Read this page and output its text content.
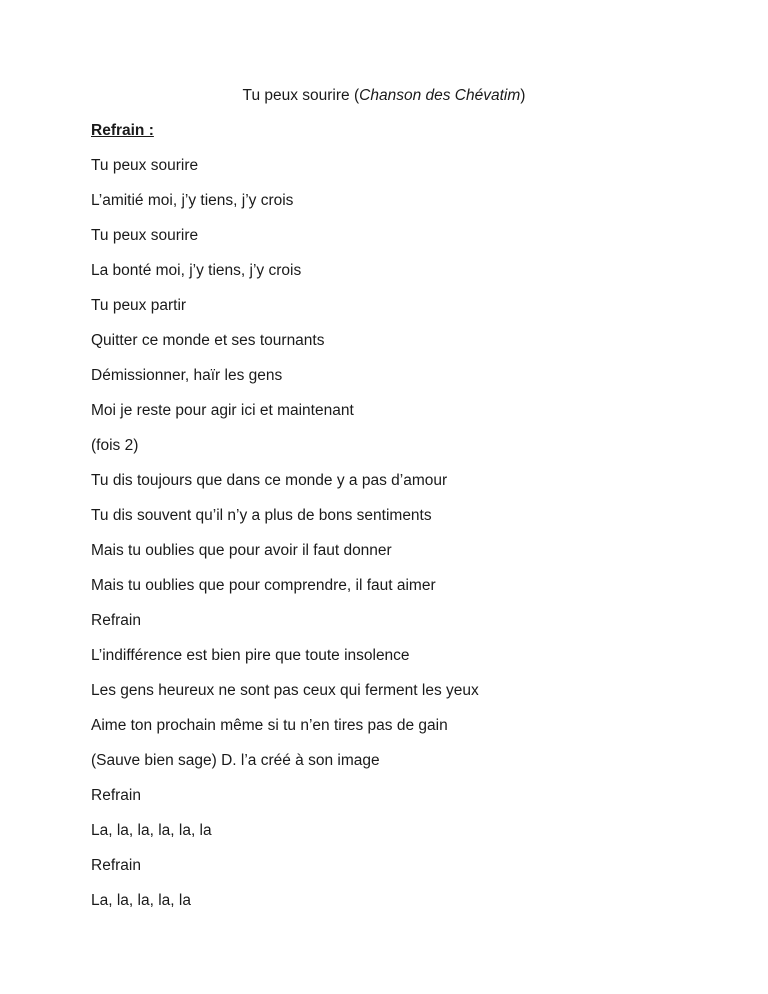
Tu peux sourire (Chanson des Chévatim)
Refrain :
Tu peux sourire
L’amitié moi, j’y tiens, j’y crois
Tu peux sourire
La bonté moi, j’y tiens, j’y crois
Tu peux partir
Quitter ce monde et ses tournants
Démissionner, haïr les gens
Moi je reste pour agir ici et maintenant
(fois 2)
Tu dis toujours que dans ce monde y a pas d’amour
Tu dis souvent qu’il n’y a plus de bons sentiments
Mais tu oublies que pour avoir il faut donner
Mais tu oublies que pour comprendre, il faut aimer
Refrain
L’indifférence est bien pire que toute insolence
Les gens heureux ne sont pas ceux qui ferment les yeux
Aime ton prochain même si tu n’en tires pas de gain
(Sauve bien sage) D. l’a créé à son image
Refrain
La, la, la, la, la, la
Refrain
La, la, la, la, la
